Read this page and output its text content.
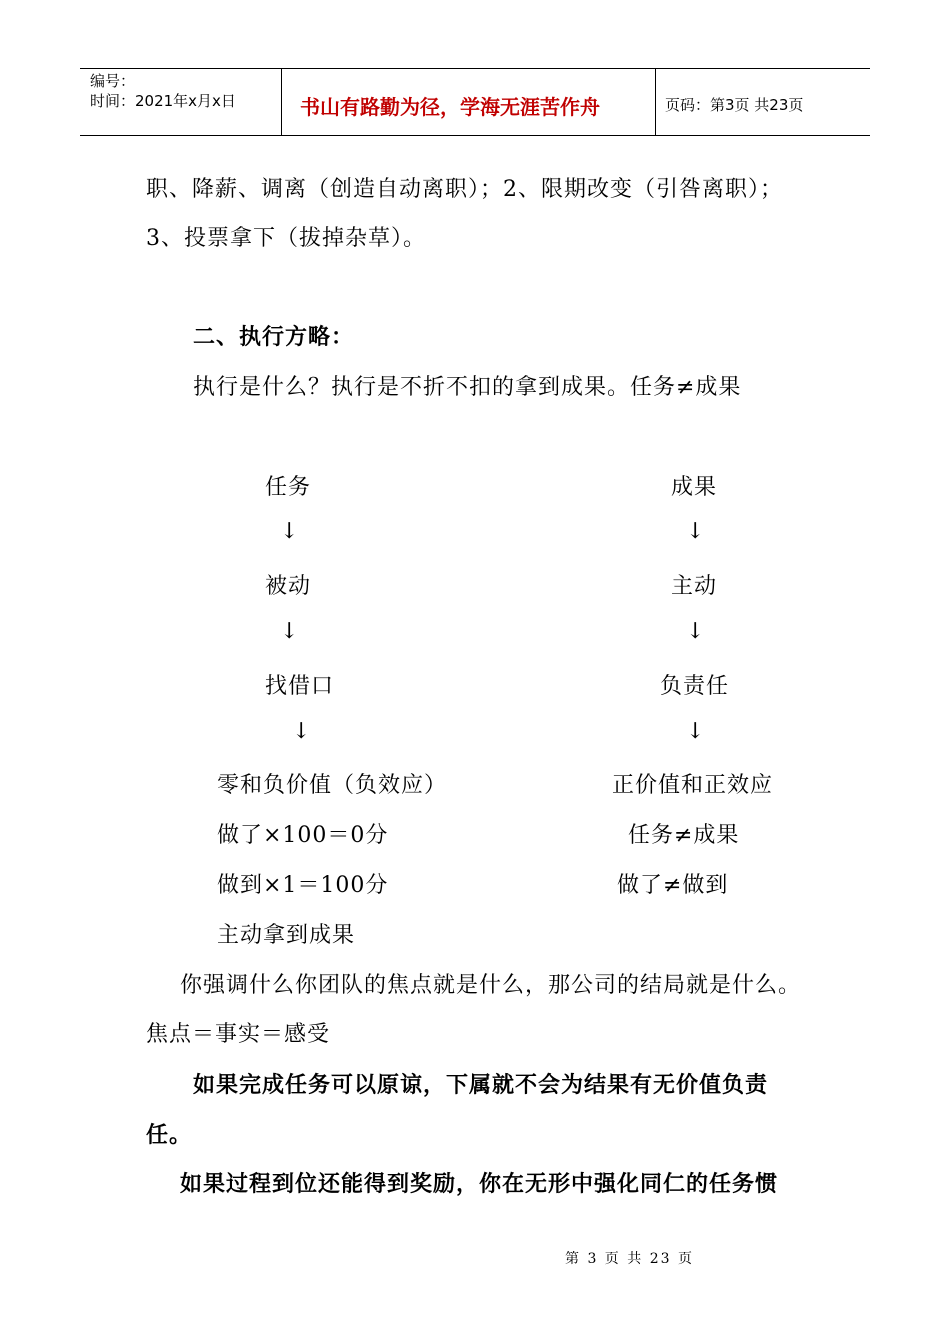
编号：
时间：2021年x月x日	书山有路勤为径，学海无涯苦作舟	页码：第3页 共23页
职、降薪、调离（创造自动离职）；2、限期改变（引咎离职）；
3、投票拿下（拔掉杂草）。
二、执行方略：
执行是什么？执行是不折不扣的拿到成果。任务≠成果
任务
↓
被动
↓
找借口
↓
零和负价值（负效应）
做了×100＝0分
做到×1＝100分
主动拿到成果
成果
↓
主动
↓
负责任
↓
正价值和正效应
任务≠成果
做了≠做到
你强调什么你团队的焦点就是什么，那公司的结局就是什么。
焦点＝事实＝感受
如果完成任务可以原谅，下属就不会为结果有无价值负责
任。
如果过程到位还能得到奖励，你在无形中强化同仁的任务惯
第 3 页 共 23 页
